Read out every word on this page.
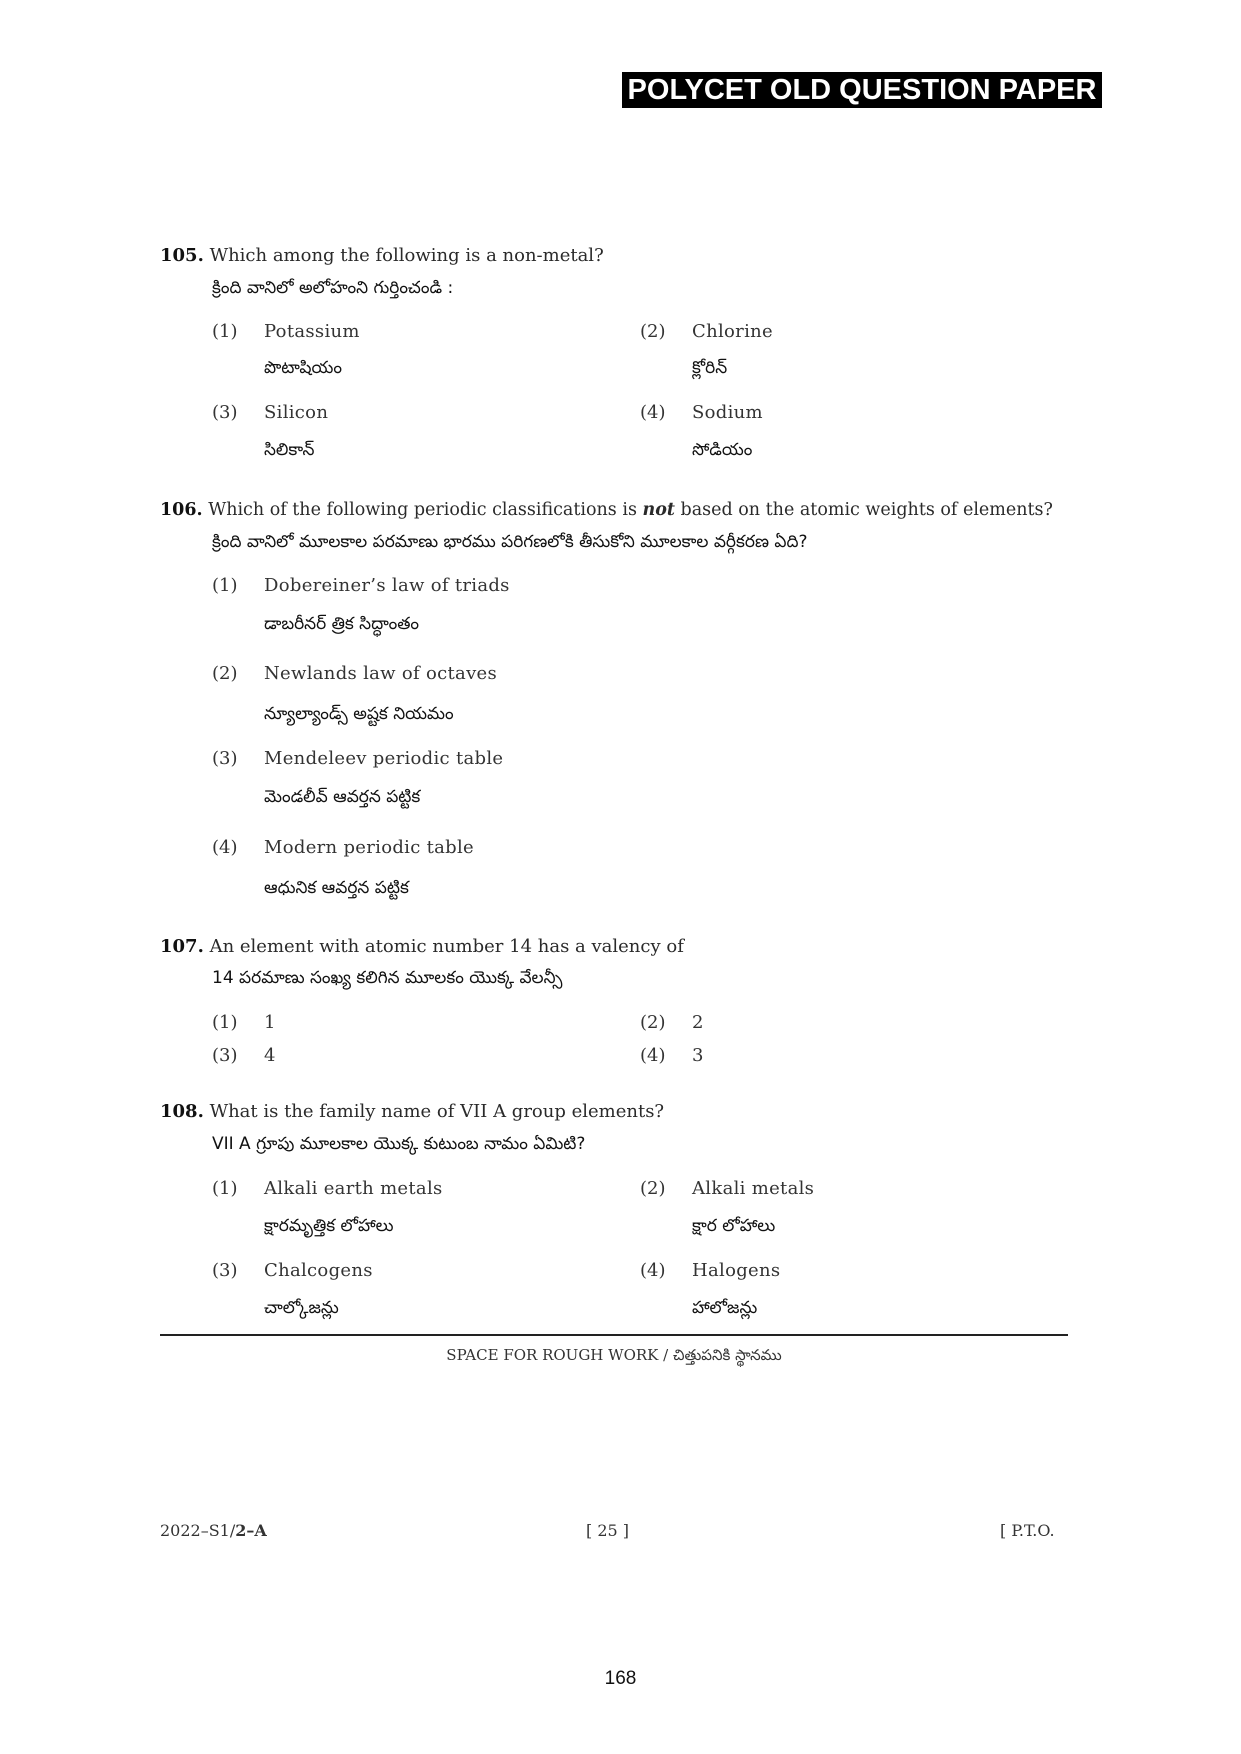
POLYCET OLD QUESTION PAPER
105. Which among the following is a non-metal?
క్రింది వానిలో అలోహంని గుర్తించండి :
(1) Potassium
పొటాషియం
(2) Chlorine
క్లోరిన్
(3) Silicon
సిలికాన్
(4) Sodium
సోడియం
106. Which of the following periodic classifications is not based on the atomic weights of elements?
క్రింది వానిలో మూలకాల పరమాణు భారము పరిగణలోకి తీసుకోని మూలకాల వర్గీకరణ ఏది?
(1) Dobereiner’s law of triads
డాబరీనర్ త్రిక సిద్ధాంతం
(2) Newlands law of octaves
న్యూల్యాండ్స్ అష్టక నియమం
(3) Mendeleev periodic table
మెండలీవ్ ఆవర్తన పట్టిక
(4) Modern periodic table
ఆధునిక ఆవర్తన పట్టిక
107. An element with atomic number 14 has a valency of
14 పరమాణు సంఖ్య కలిగిన మూలకం యొక్క వేలన్సీ
(1) 1	(2) 2
(3) 4	(4) 3
108. What is the family name of VII A group elements?
VII A గ్రూపు మూలకాల యొక్క కుటుంబ నామం ఏమిటి?
(1) Alkali earth metals
క్షారమృత్తిక లోహాలు
(2) Alkali metals
క్షార లోహాలు
(3) Chalcogens
చాల్కోజన్లు
(4) Halogens
హాలోజన్లు
SPACE FOR ROUGH WORK / చిత్తుపనికి స్థానము
2022–S1/2–A	[ 25 ]	[ P.T.O.
168
